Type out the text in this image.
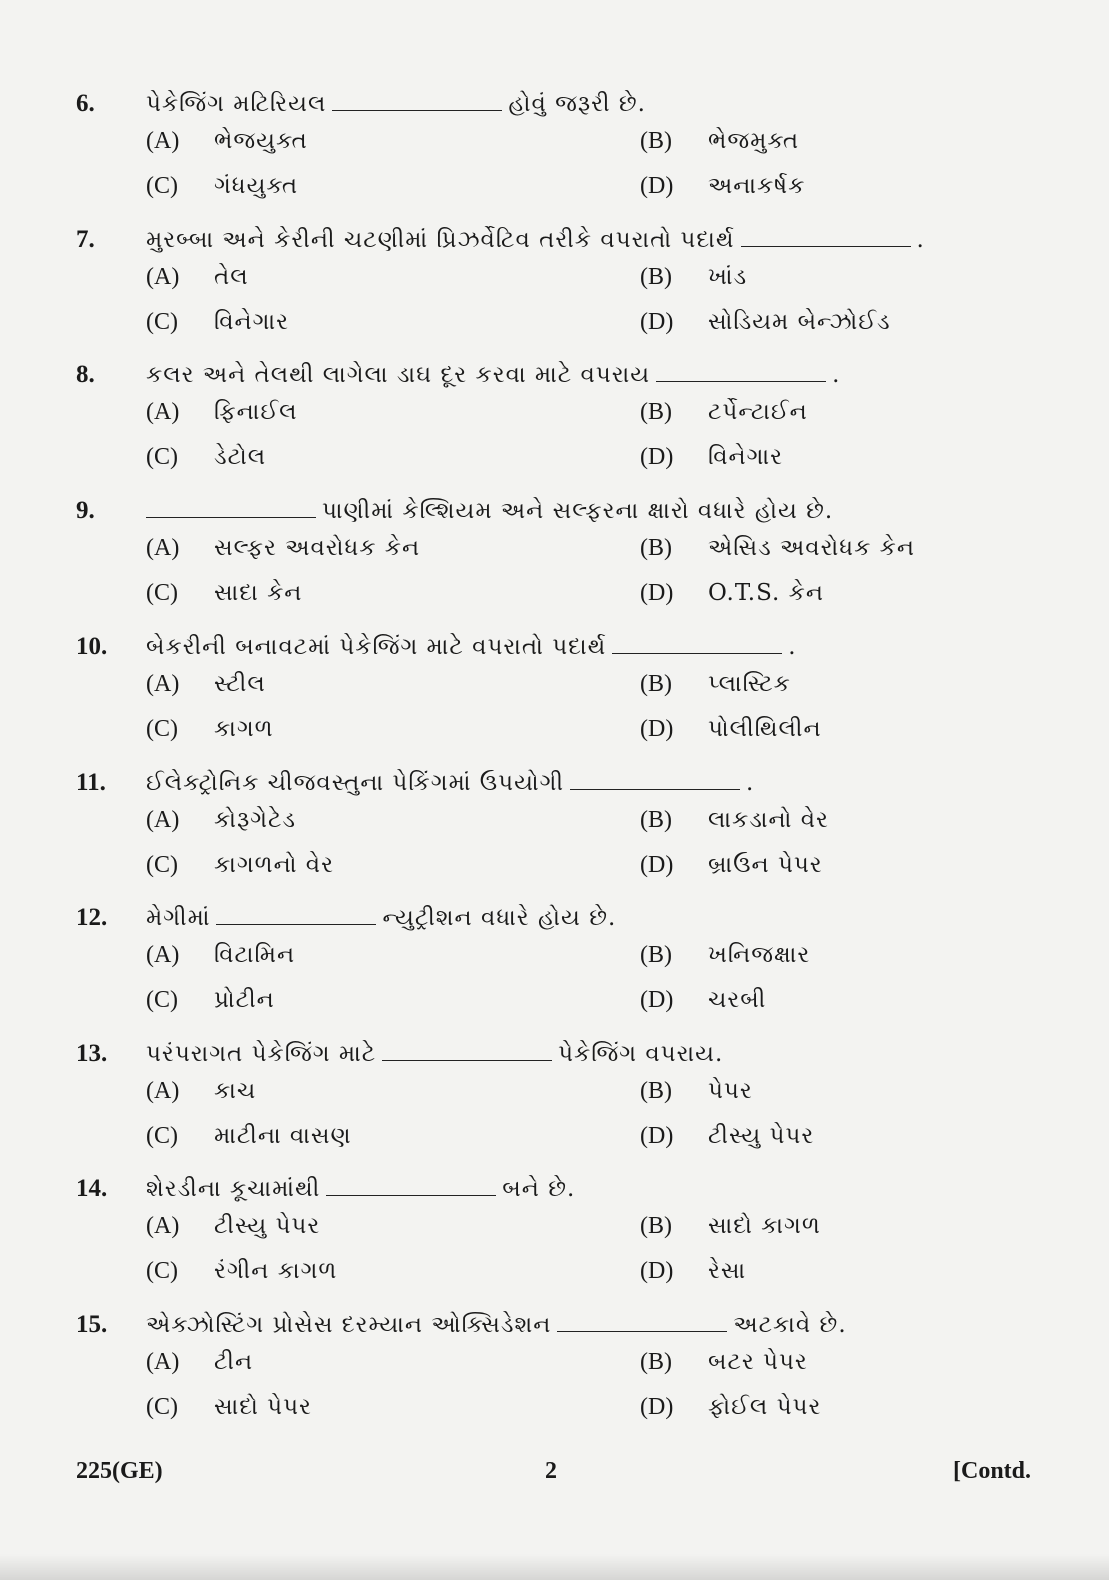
6. પેકેજિંગ મટિરિયલ	હોવું જરૂરી છે.
(A) ભેજયુક્ત	(B) ભેજમુક્ત
(C) ગંધયુક્ત	(D) અનાકર્ષક
7. મુરબ્બા અને કેરીની ચટણીમાં પ્રિઝર્વેટિવ તરીકે વપરાતો પદાર્થ	.
(A) તેલ	(B) ખાંડ
(C) વિનેગાર	(D) સોડિયમ બેન્ઝોઈડ
8. કલર અને તેલથી લાગેલા ડાઘ દૂર કરવા માટે વપરાય	.
(A) ફિનાઈલ	(B) ટર્પેન્ટાઈન
(C) ડેટોલ	(D) વિનેગાર
9.	પાણીમાં કેલ્શિયમ અને સલ્ફરના ક્ષારો વધારે હોય છે.
(A) સલ્ફર અવરોધક કેન	(B) એસિડ અવરોધક કેન
(C) સાદા કેન	(D) O.T.S. કેન
10. બેકરીની બનાવટમાં પેકેજિંગ માટે વપરાતો પદાર્થ	.
(A) સ્ટીલ	(B) પ્લાસ્ટિક
(C) કાગળ	(D) પોલીથિલીન
11. ઈલેક્ટ્રોનિક ચીજવસ્તુના પેકિંગમાં ઉપયોગી	.
(A) કોરૂગેટેડ	(B) લાકડાનો વેર
(C) કાગળનો વેર	(D) બ્રાઉન પેપર
12. મેગીમાં	ન્યુટ્રીશન વધારે હોય છે.
(A) વિટામિન	(B) ખનિજક્ષાર
(C) પ્રોટીન	(D) ચરબી
13. પરંપરાગત પેકેજિંગ માટે	પેકેજિંગ વપરાય.
(A) કાચ	(B) પેપર
(C) માટીના વાસણ	(D) ટીસ્યુ પેપર
14. શેરડીના કૂચામાંથી	બને છે.
(A) ટીસ્યુ પેપર	(B) સાદો કાગળ
(C) રંગીન કાગળ	(D) રેસા
15. એક્ઝોસ્ટિંગ પ્રોસેસ દરમ્યાન ઓક્સિડેશન	અટકાવે છે.
(A) ટીન	(B) બટર પેપર
(C) સાદો પેપર	(D) ફોઈલ પેપર
225(GE)	2	[Contd.
